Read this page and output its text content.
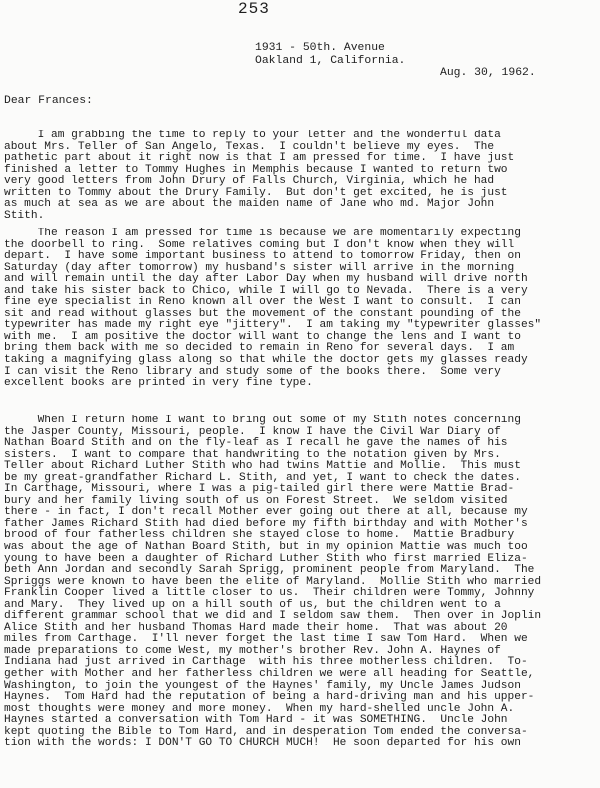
253
1931 - 50th. Avenue
Oakland 1, California.
Aug. 30, 1962.
Dear Frances:
I am grabbing the time to reply to your letter and the wonderful data
about Mrs. Teller of San Angelo, Texas.  I couldn't believe my eyes.  The
pathetic part about it right now is that I am pressed for time.  I have just
finished a letter to Tommy Hughes in Memphis because I wanted to return two
very good letters from John Drury of Falls Church, Virginia, which he had
written to Tommy about the Drury Family.  But don't get excited, he is just
as much at sea as we are about the maiden name of Jane who md. Major John
Stith.
The reason I am pressed for time is because we are momentarily expecting
the doorbell to ring.  Some relatives coming but I don't know when they will
depart.  I have some important business to attend to tomorrow Friday, then on
Saturday (day after tomorrow) my husband's sister will arrive in the morning
and will remain until the day after Labor Day when my husband will drive north
and take his sister back to Chico, while I will go to Nevada.  There is a very
fine eye specialist in Reno known all over the West I want to consult.  I can
sit and read without glasses but the movement of the constant pounding of the
typewriter has made my right eye "jittery".  I am taking my "typewriter glasses"
with me.  I am positive the doctor will want to change the lens and I want to
bring them back with me so decided to remain in Reno for several days.  I am
taking a magnifying glass along so that while the doctor gets my glasses ready
I can visit the Reno library and study some of the books there.  Some very
excellent books are printed in very fine type.
When I return home I want to bring out some of my Stith notes concerning
the Jasper County, Missouri, people.  I know I have the Civil War Diary of
Nathan Board Stith and on the fly-leaf as I recall he gave the names of his
sisters.  I want to compare that handwriting to the notation given by Mrs.
Teller about Richard Luther Stith who had twins Mattie and Mollie.  This must
be my great-grandfather Richard L. Stith, and yet, I want to check the dates.
In Carthage, Missouri, where I was a pig-tailed girl there were Mattie Brad-
bury and her family living south of us on Forest Street.  We seldom visited
there - in fact, I don't recall Mother ever going out there at all, because my
father James Richard Stith had died before my fifth birthday and with Mother's
brood of four fatherless children she stayed close to home.  Mattie Bradbury
was about the age of Nathan Board Stith, but in my opinion Mattie was much too
young to have been a daughter of Richard Luther Stith who first married Eliza-
beth Ann Jordan and secondly Sarah Sprigg, prominent people from Maryland.  The
Spriggs were known to have been the elite of Maryland.  Mollie Stith who married
Franklin Cooper lived a little closer to us.  Their children were Tommy, Johnny
and Mary.  They lived up on a hill south of us, but the children went to a
different grammar school that we did and I seldom saw them.  Then over in Joplin
Alice Stith and her husband Thomas Hard made their home.  That was about 20
miles from Carthage.  I'll never forget the last time I saw Tom Hard.  When we
made preparations to come West, my mother's brother Rev. John A. Haynes of
Indiana had just arrived in Carthage  with his three motherless children.  To-
gether with Mother and her fatherless children we were all heading for Seattle,
Washington, to join the youngest of the Haynes' family, my Uncle James Judson
Haynes.  Tom Hard had the reputation of being a hard-driving man and his upper-
most thoughts were money and more money.  When my hard-shelled uncle John A.
Haynes started a conversation with Tom Hard - it was SOMETHING.  Uncle John
kept quoting the Bible to Tom Hard, and in desperation Tom ended the conversa-
tion with the words: I DON'T GO TO CHURCH MUCH!  He soon departed for his own
